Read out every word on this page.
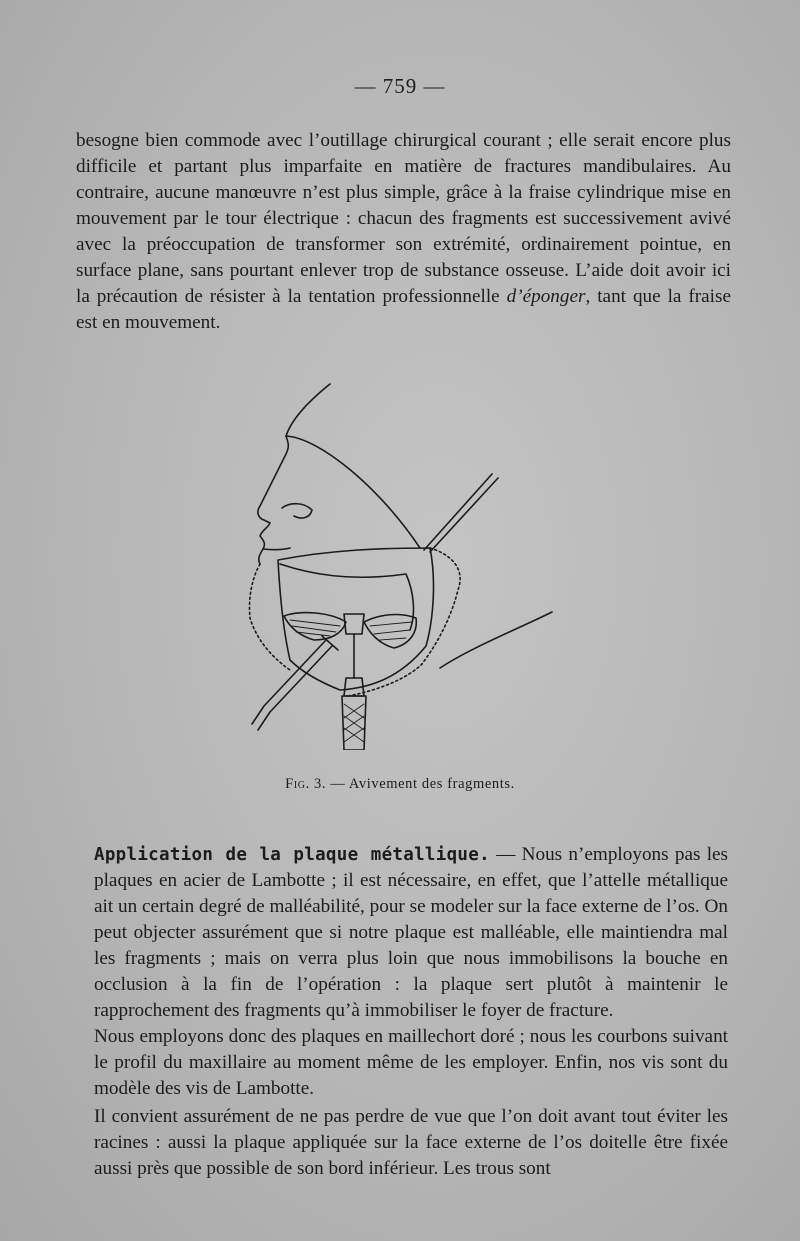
— 759 —

besogne bien commode avec l’outillage chirurgical courant ; elle serait encore plus difficile et partant plus imparfaite en matière de fractures mandibulaires. Au contraire, aucune manœuvre n’est plus simple, grâce à la fraise cylindrique mise en mouvement par le tour électrique : chacun des fragments est successivement avivé avec la préoccupation de transformer son extrémité, ordinairement pointue, en surface plane, sans pourtant enlever trop de substance osseuse. L’aide doit avoir ici la précaution de résister à la tentation professionnelle d’éponger, tant que la fraise est en mouvement.

Fig. 3. — Avivement des fragments.

Application de la plaque métallique. — Nous n’employons pas les plaques en acier de Lambotte ; il est nécessaire, en effet, que l’attelle métallique ait un certain degré de malléabilité, pour se modeler sur la face externe de l’os. On peut objecter assurément que si notre plaque est malléable, elle maintiendra mal les fragments ; mais on verra plus loin que nous immobilisons la bouche en occlusion à la fin de l’opération : la plaque sert plutôt à maintenir le rapprochement des fragments qu’à immobiliser le foyer de fracture.

Nous employons donc des plaques en maillechort doré ; nous les courbons suivant le profil du maxillaire au moment même de les employer. Enfin, nos vis sont du modèle des vis de Lambotte.

Il convient assurément de ne pas perdre de vue que l’on doit avant tout éviter les racines : aussi la plaque appliquée sur la face externe de l’os doitelle être fixée aussi près que possible de son bord inférieur. Les trous sont
